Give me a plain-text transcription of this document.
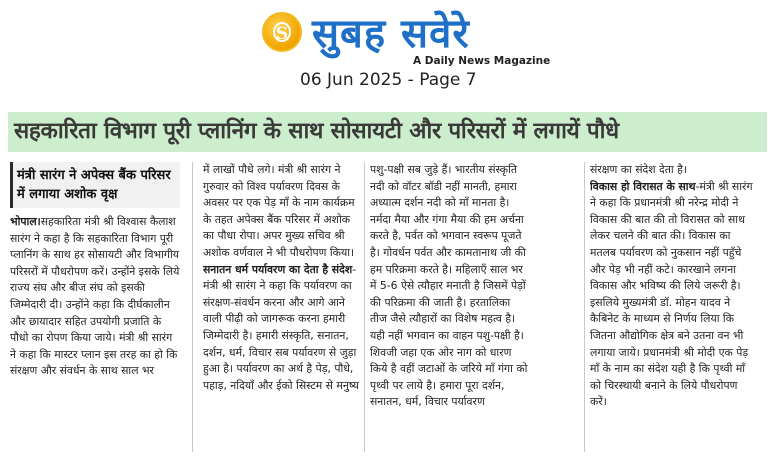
S सुबह सवेरे
A Daily News Magazine
06 Jun 2025 - Page 7
सहकारिता विभाग पूरी प्लानिंग के साथ सोसायटी और परिसरों में लगायें पौधे

मंत्री सारंग ने अपेक्स बैंक परिसर में लगाया अशोक वृक्ष

भोपाल।सहकारिता मंत्री श्री विश्वास कैलाश सारंग ने कहा है कि सहकारिता विभाग पूरी प्लानिंग के साथ हर सोसायटी और विभागीय परिसरों में पौधरोपण करें। उन्होंने इसके लिये राज्य संघ और बीज संघ को इसकी जिम्मेदारी दी। उन्होंने कहा कि दीर्घकालीन और छायादार सहित उपयोगी प्रजाति के पौधो का रोपण किया जाये। मंत्री श्री सारंग ने कहा कि मास्टर प्लान इस तरह का हो कि संरक्षण और संवर्धन के साथ साल भर

में लाखों पौधे लगे। मंत्री श्री सारंग ने गुरुवार को विश्व पर्यावरण दिवस के अवसर पर एक पेड़ माँ के नाम कार्यक्रम के तहत अपेक्स बैंक परिसर में अशोक का पौधा रोपा। अपर मुख्य सचिव श्री अशोक वर्णवाल ने भी पौधरोपण किया।

सनातन धर्म पर्यावरण का देता है संदेश-मंत्री श्री सारंग ने कहा कि पर्यावरण का संरक्षण-संवर्धन करना और आगे आने वाली पीढ़ी को जागरूक करना हमारी जिम्मेदारी है। हमारी संस्कृति, सनातन, दर्शन, धर्म, विचार सब पर्यावरण से जुड़ा हुआ है। पर्यावरण का अर्थ है पेड़, पौधे, पहाड़, नदियाँ और ईको सिस्टम से मनुष्य

पशु-पक्षी सब जुड़े हैं। भारतीय संस्कृति नदी को वॉटर बॉडी नहीं मानती, हमारा अध्यात्म दर्शन नदी को माँ मानता है। नर्मदा मैया और गंगा मैया की हम अर्चना करते है, पर्वत को भगवान स्वरूप पूजते है। गोवर्धन पर्वत और कामतानाथ जी की हम परिक्रमा करते है। महिलाएँ साल भर में 5-6 ऐसे त्यौहार मनाती है जिसमें पेड़ों की परिक्रमा की जाती है। हरतालिका तीज जैसे त्यौहारों का विशेष महत्व है। यही नहीं भगवान का वाहन पशु-पक्षी है। शिवजी जहा एक ओर नाग को धारण किये है वहीं जटाओं के जरिये माँ गंगा को पृथ्वी पर लाये है। हमारा पूरा दर्शन, सनातन, धर्म, विचार पर्यावरण

संरक्षण का संदेश देता है।

विकास हो विरासत के साथ-मंत्री श्री सारंग ने कहा कि प्रधानमंत्री श्री नरेन्द्र मोदी ने विकास की बात की तो विरासत को साथ लेकर चलने की बात की। विकास का मतलब पर्यावरण को नुकसान नहीं पहुँचे और पेड़ भी नहीं कटे। कारखाने लगना विकास और भविष्य की लिये जरूरी है। इसलिये मुख्यमंत्री डॉ. मोहन यादव ने कैबिनेट के माध्यम से निर्णय लिया कि जितना औद्योगिक क्षेत्र बने उतना वन भी लगाया जाये। प्रधानमंत्री श्री मोदी एक पेड़ माँ के नाम का संदेश यही है कि पृथ्वी माँ को चिरस्थायी बनाने के लिये पौधरोपण करें।
